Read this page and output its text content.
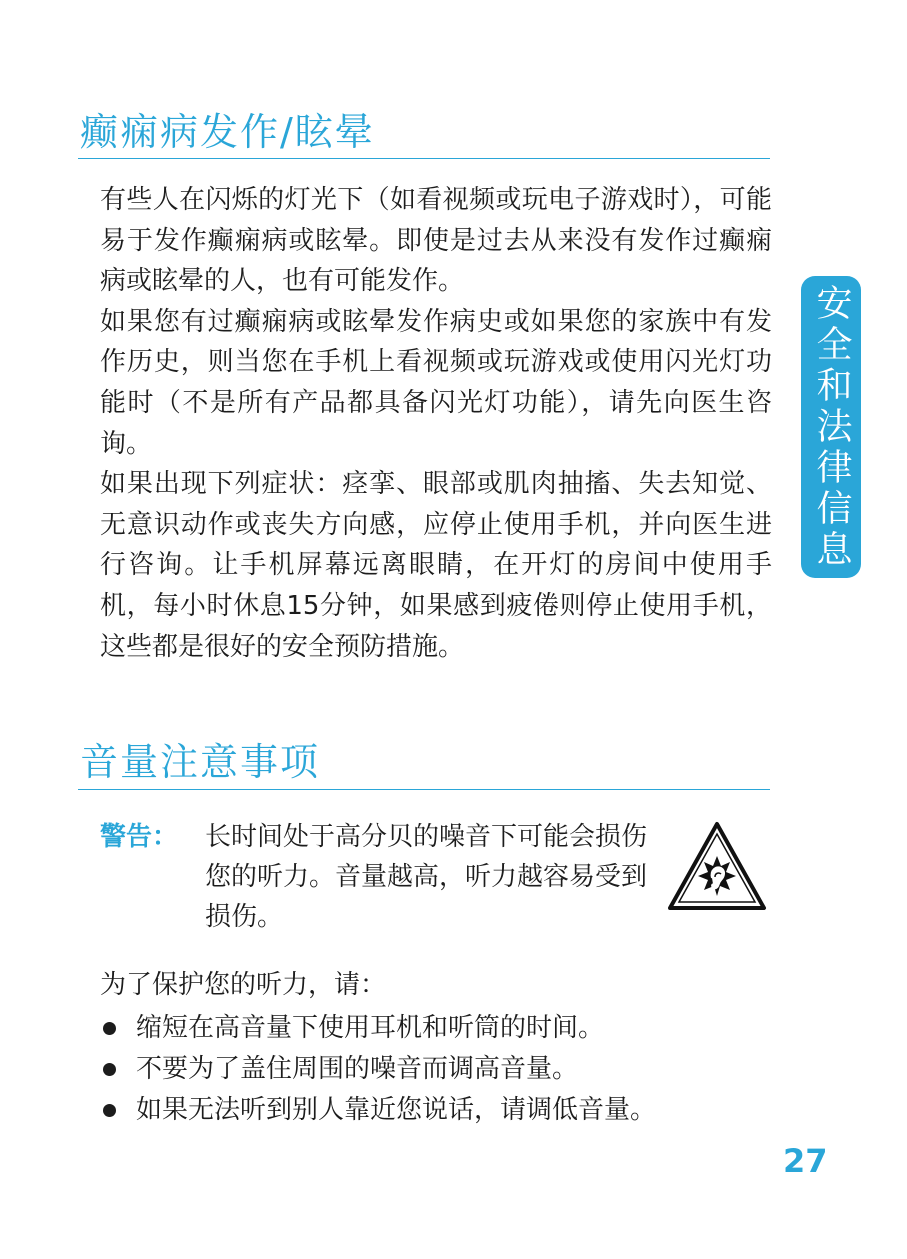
癫痫病发作/眩晕

有些人在闪烁的灯光下（如看视频或玩电子游戏时），可能易于发作癫痫病或眩晕。即使是过去从来没有发作过癫痫病或眩晕的人，也有可能发作。

如果您有过癫痫病或眩晕发作病史或如果您的家族中有发作历史，则当您在手机上看视频或玩游戏或使用闪光灯功能时（不是所有产品都具备闪光灯功能），请先向医生咨询。

如果出现下列症状：痉挛、眼部或肌肉抽搐、失去知觉、无意识动作或丧失方向感，应停止使用手机，并向医生进行咨询。让手机屏幕远离眼睛，在开灯的房间中使用手机，每小时休息15分钟，如果感到疲倦则停止使用手机，这些都是很好的安全预防措施。

安全和法律信息
音量注意事项

警告： 长时间处于高分贝的噪音下可能会损伤您的听力。音量越高，听力越容易受到损伤。

为了保护您的听力，请：

缩短在高音量下使用耳机和听筒的时间。
不要为了盖住周围的噪音而调高音量。
如果无法听到别人靠近您说话，请调低音量。
27
